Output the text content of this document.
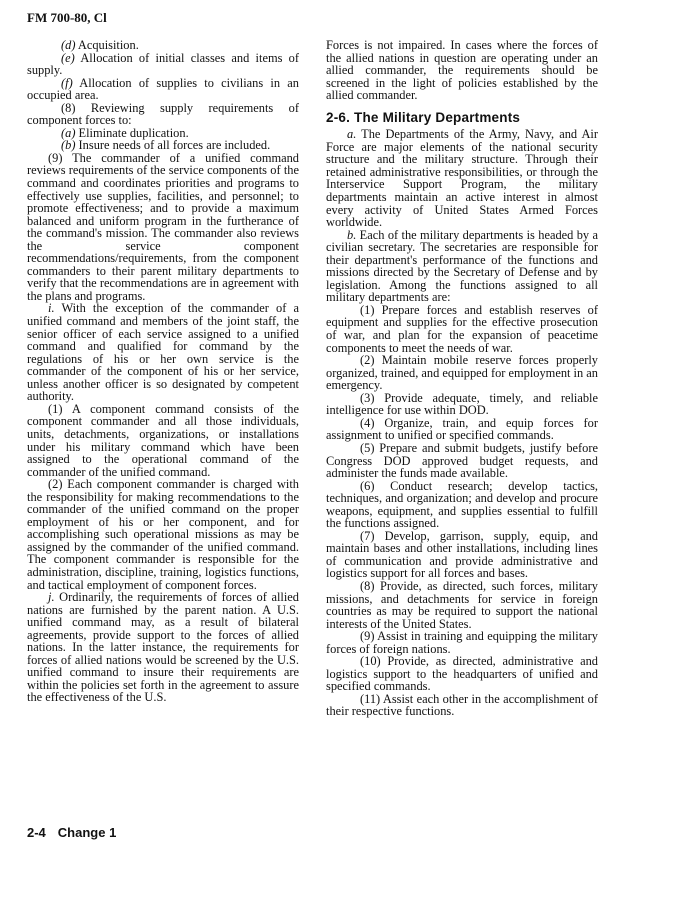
FM 700-80, Cl

(d) Acquisition.

(e) Allocation of initial classes and items of supply.

(f) Allocation of supplies to civilians in an occupied area.

(8) Reviewing supply requirements of component forces to:

(a) Eliminate duplication.

(b) Insure needs of all forces are included.

(9) The commander of a unified command reviews requirements of the service components of the command and coordinates priorities and programs to effectively use supplies, facilities, and personnel; to promote effectiveness; and to provide a maximum balanced and uniform program in the furtherance of the command's mission. The commander also reviews the service component recommendations/requirements, from the component commanders to their parent military departments to verify that the recommendations are in agreement with the plans and programs.

i. With the exception of the commander of a unified command and members of the joint staff, the senior officer of each service assigned to a unified command and qualified for command by the regulations of his or her own service is the commander of the component of his or her service, unless another officer is so designated by competent authority.

(1) A component command consists of the component commander and all those individuals, units, detachments, organizations, or installations under his military command which have been assigned to the operational command of the commander of the unified command.

(2) Each component commander is charged with the responsibility for making recommendations to the commander of the unified command on the proper employment of his or her component, and for accomplishing such operational missions as may be assigned by the commander of the unified command. The component commander is responsible for the administration, discipline, training, logistics functions, and tactical employment of component forces.

j. Ordinarily, the requirements of forces of allied nations are furnished by the parent nation. A U.S. unified command may, as a result of bilateral agreements, provide support to the forces of allied nations. In the latter instance, the requirements for forces of allied nations would be screened by the U.S. unified command to insure their requirements are within the policies set forth in the agreement to assure the effectiveness of the U.S.

Forces is not impaired. In cases where the forces of the allied nations in question are operating under an allied commander, the requirements should be screened in the light of policies established by the allied commander.

2-6. The Military Departments

a. The Departments of the Army, Navy, and Air Force are major elements of the national security structure and the military structure. Through their retained administrative responsibilities, or through the Interservice Support Program, the military departments maintain an active interest in almost every activity of United States Armed Forces worldwide.

b. Each of the military departments is headed by a civilian secretary. The secretaries are responsible for their department's performance of the functions and missions directed by the Secretary of Defense and by legislation. Among the functions assigned to all military departments are:

(1) Prepare forces and establish reserves of equipment and supplies for the effective prosecution of war, and plan for the expansion of peacetime components to meet the needs of war.

(2) Maintain mobile reserve forces properly organized, trained, and equipped for employment in an emergency.

(3) Provide adequate, timely, and reliable intelligence for use within DOD.

(4) Organize, train, and equip forces for assignment to unified or specified commands.

(5) Prepare and submit budgets, justify before Congress DOD approved budget requests, and administer the funds made available.

(6) Conduct research; develop tactics, techniques, and organization; and develop and procure weapons, equipment, and supplies essential to fulfill the functions assigned.

(7) Develop, garrison, supply, equip, and maintain bases and other installations, including lines of communication and provide administrative and logistics support for all forces and bases.

(8) Provide, as directed, such forces, military missions, and detachments for service in foreign countries as may be required to support the national interests of the United States.

(9) Assist in training and equipping the military forces of foreign nations.

(10) Provide, as directed, administrative and logistics support to the headquarters of unified and specified commands.

(11) Assist each other in the accomplishment of their respective functions.

2-4 Change 1
